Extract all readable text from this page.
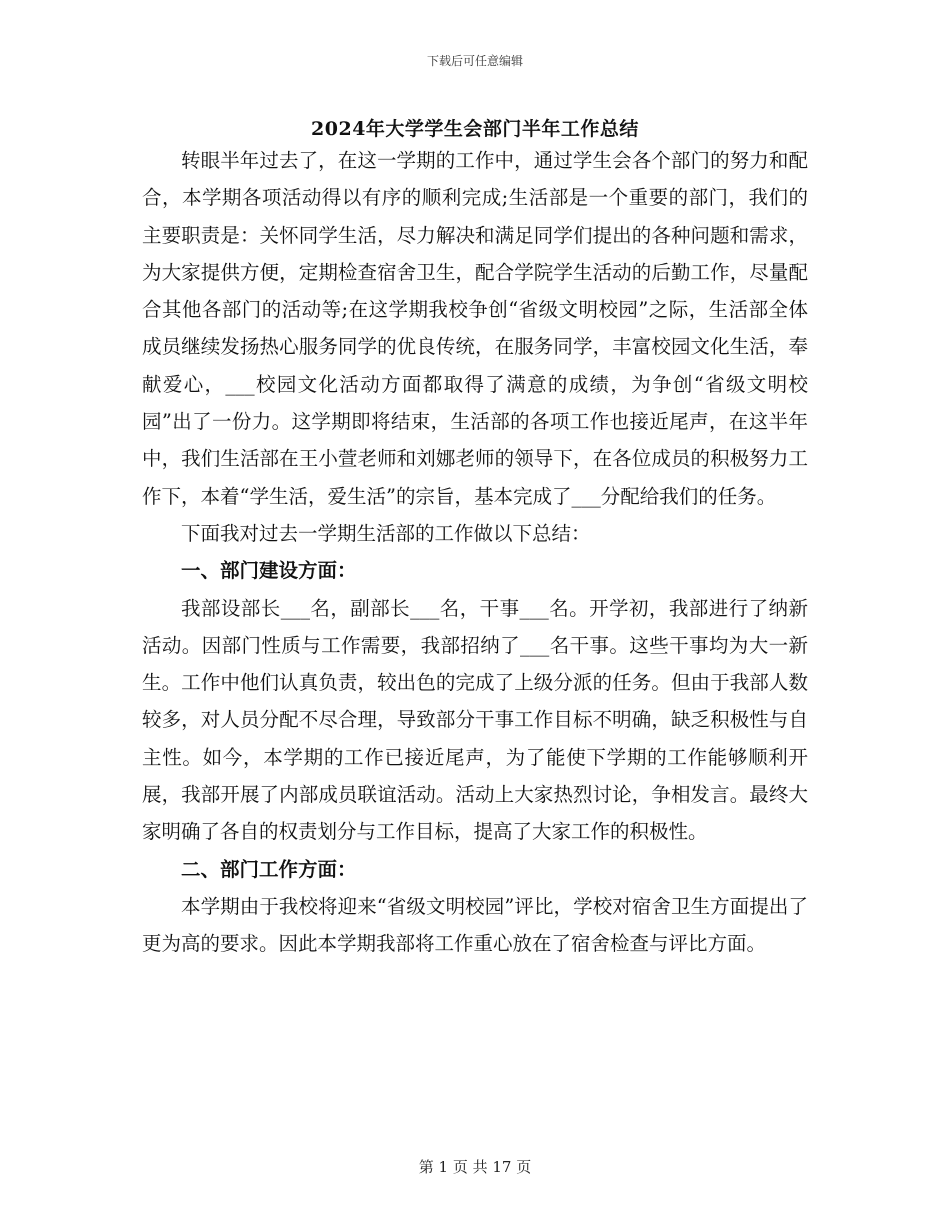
下载后可任意编辑
2024年大学学生会部门半年工作总结

转眼半年过去了，在这一学期的工作中，通过学生会各个部门的努力和配合，本学期各项活动得以有序的顺利完成;生活部是一个重要的部门，我们的主要职责是：关怀同学生活，尽力解决和满足同学们提出的各种问题和需求，为大家提供方便，定期检查宿舍卫生，配合学院学生活动的后勤工作，尽量配合其他各部门的活动等;在这学期我校争创“省级文明校园”之际，生活部全体成员继续发扬热心服务同学的优良传统，在服务同学，丰富校园文化生活，奉献爱心，___校园文化活动方面都取得了满意的成绩，为争创“省级文明校园”出了一份力。这学期即将结束，生活部的各项工作也接近尾声，在这半年中，我们生活部在王小萱老师和刘娜老师的领导下，在各位成员的积极努力工作下，本着“学生活，爱生活”的宗旨，基本完成了___分配给我们的任务。

下面我对过去一学期生活部的工作做以下总结：

一、部门建设方面：

我部设部长___名，副部长___名，干事___名。开学初，我部进行了纳新活动。因部门性质与工作需要，我部招纳了___名干事。这些干事均为大一新生。工作中他们认真负责，较出色的完成了上级分派的任务。但由于我部人数较多，对人员分配不尽合理，导致部分干事工作目标不明确，缺乏积极性与自主性。如今，本学期的工作已接近尾声，为了能使下学期的工作能够顺利开展，我部开展了内部成员联谊活动。活动上大家热烈讨论，争相发言。最终大家明确了各自的权责划分与工作目标，提高了大家工作的积极性。

二、部门工作方面：

本学期由于我校将迎来“省级文明校园”评比，学校对宿舍卫生方面提出了更为高的要求。因此本学期我部将工作重心放在了宿舍检查与评比方面。

第 1 页 共 17 页
